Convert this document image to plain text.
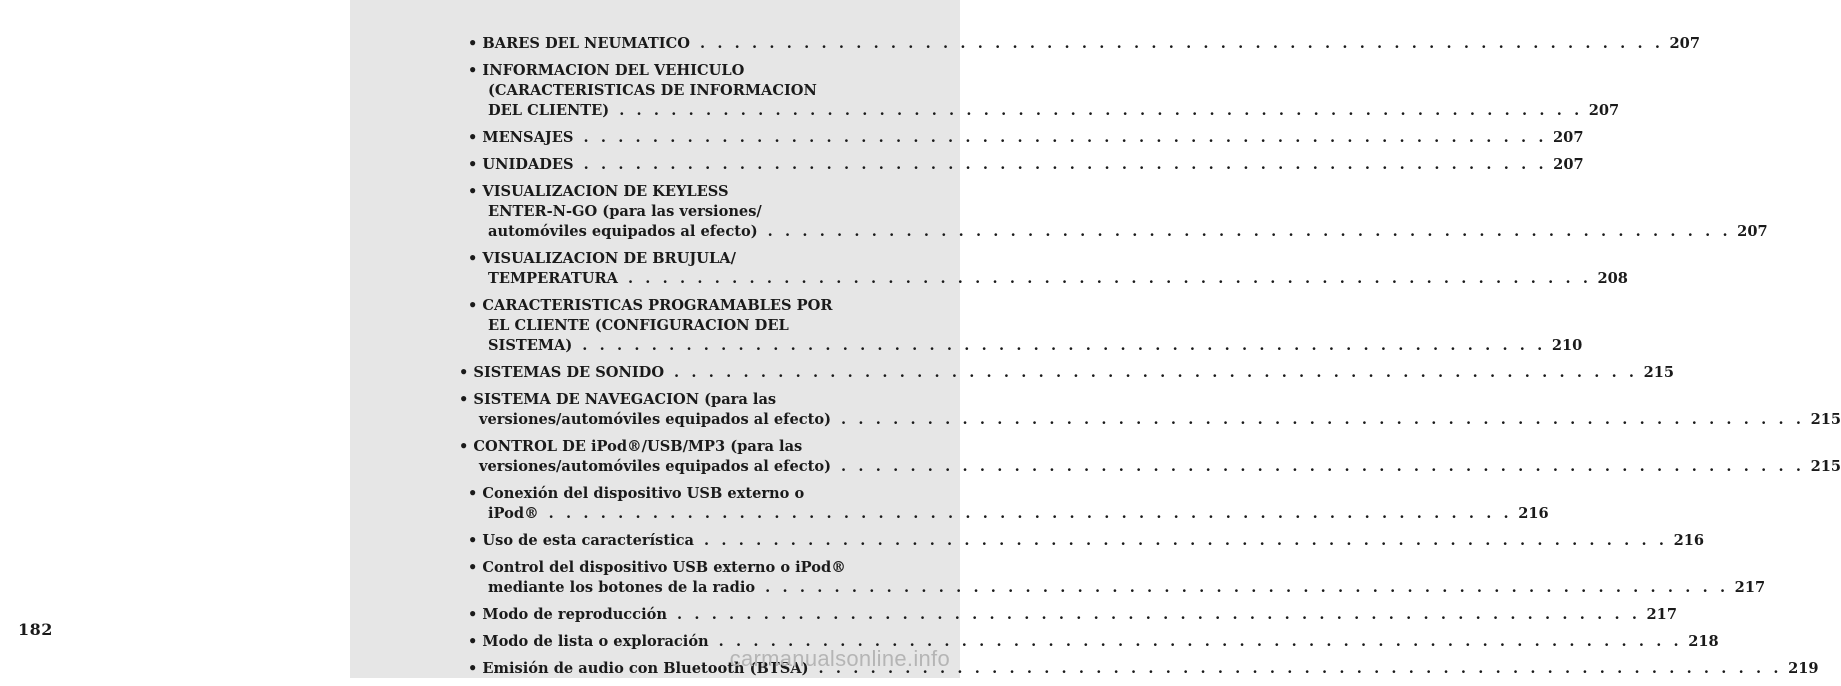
182
• BARES DEL NEUMATICO . . . . . . . . . . . . . . . . . . . . . . . . . . . . . . . . . . . . . . . . . . . . . . . . . . . . . . . . 207
• INFORMACION DEL VEHICULO
(CARACTERISTICAS DE INFORMACION
DEL CLIENTE) . . . . . . . . . . . . . . . . . . . . . . . . . . . . . . . . . . . . . . . . . . . . . . . . . . . . . . . . 207
• MENSAJES . . . . . . . . . . . . . . . . . . . . . . . . . . . . . . . . . . . . . . . . . . . . . . . . . . . . . . . . 207
• UNIDADES . . . . . . . . . . . . . . . . . . . . . . . . . . . . . . . . . . . . . . . . . . . . . . . . . . . . . . . . 207
• VISUALIZACION DE KEYLESS
ENTER-N-GO (para las versiones/
automóviles equipados al efecto) . . . . . . . . . . . . . . . . . . . . . . . . . . . . . . . . . . . . . . . . . . . . . . . . . . . . . . . . 207
• VISUALIZACION DE BRUJULA/
TEMPERATURA . . . . . . . . . . . . . . . . . . . . . . . . . . . . . . . . . . . . . . . . . . . . . . . . . . . . . . . . 208
• CARACTERISTICAS PROGRAMABLES POR
EL CLIENTE (CONFIGURACION DEL
SISTEMA) . . . . . . . . . . . . . . . . . . . . . . . . . . . . . . . . . . . . . . . . . . . . . . . . . . . . . . . . 210
• SISTEMAS DE SONIDO . . . . . . . . . . . . . . . . . . . . . . . . . . . . . . . . . . . . . . . . . . . . . . . . . . . . . . . . 215
• SISTEMA DE NAVEGACION (para las
versiones/automóviles equipados al efecto) . . . . . . . . . . . . . . . . . . . . . . . . . . . . . . . . . . . . . . . . . . . . . . . . . . . . . . . . 215
• CONTROL DE iPod®/USB/MP3 (para las
versiones/automóviles equipados al efecto) . . . . . . . . . . . . . . . . . . . . . . . . . . . . . . . . . . . . . . . . . . . . . . . . . . . . . . . . 215
• Conexión del dispositivo USB externo o
iPod® . . . . . . . . . . . . . . . . . . . . . . . . . . . . . . . . . . . . . . . . . . . . . . . . . . . . . . . . 216
• Uso de esta característica . . . . . . . . . . . . . . . . . . . . . . . . . . . . . . . . . . . . . . . . . . . . . . . . . . . . . . . . 216
• Control del dispositivo USB externo o iPod®
mediante los botones de la radio . . . . . . . . . . . . . . . . . . . . . . . . . . . . . . . . . . . . . . . . . . . . . . . . . . . . . . . . 217
• Modo de reproducción . . . . . . . . . . . . . . . . . . . . . . . . . . . . . . . . . . . . . . . . . . . . . . . . . . . . . . . . 217
• Modo de lista o exploración . . . . . . . . . . . . . . . . . . . . . . . . . . . . . . . . . . . . . . . . . . . . . . . . . . . . . . . . 218
• Emisión de audio con Bluetooth (BTSA) . . . . . . . . . . . . . . . . . . . . . . . . . . . . . . . . . . . . . . . . . . . . . . . . . . . . . . . . 219
carmanualsonline.info
